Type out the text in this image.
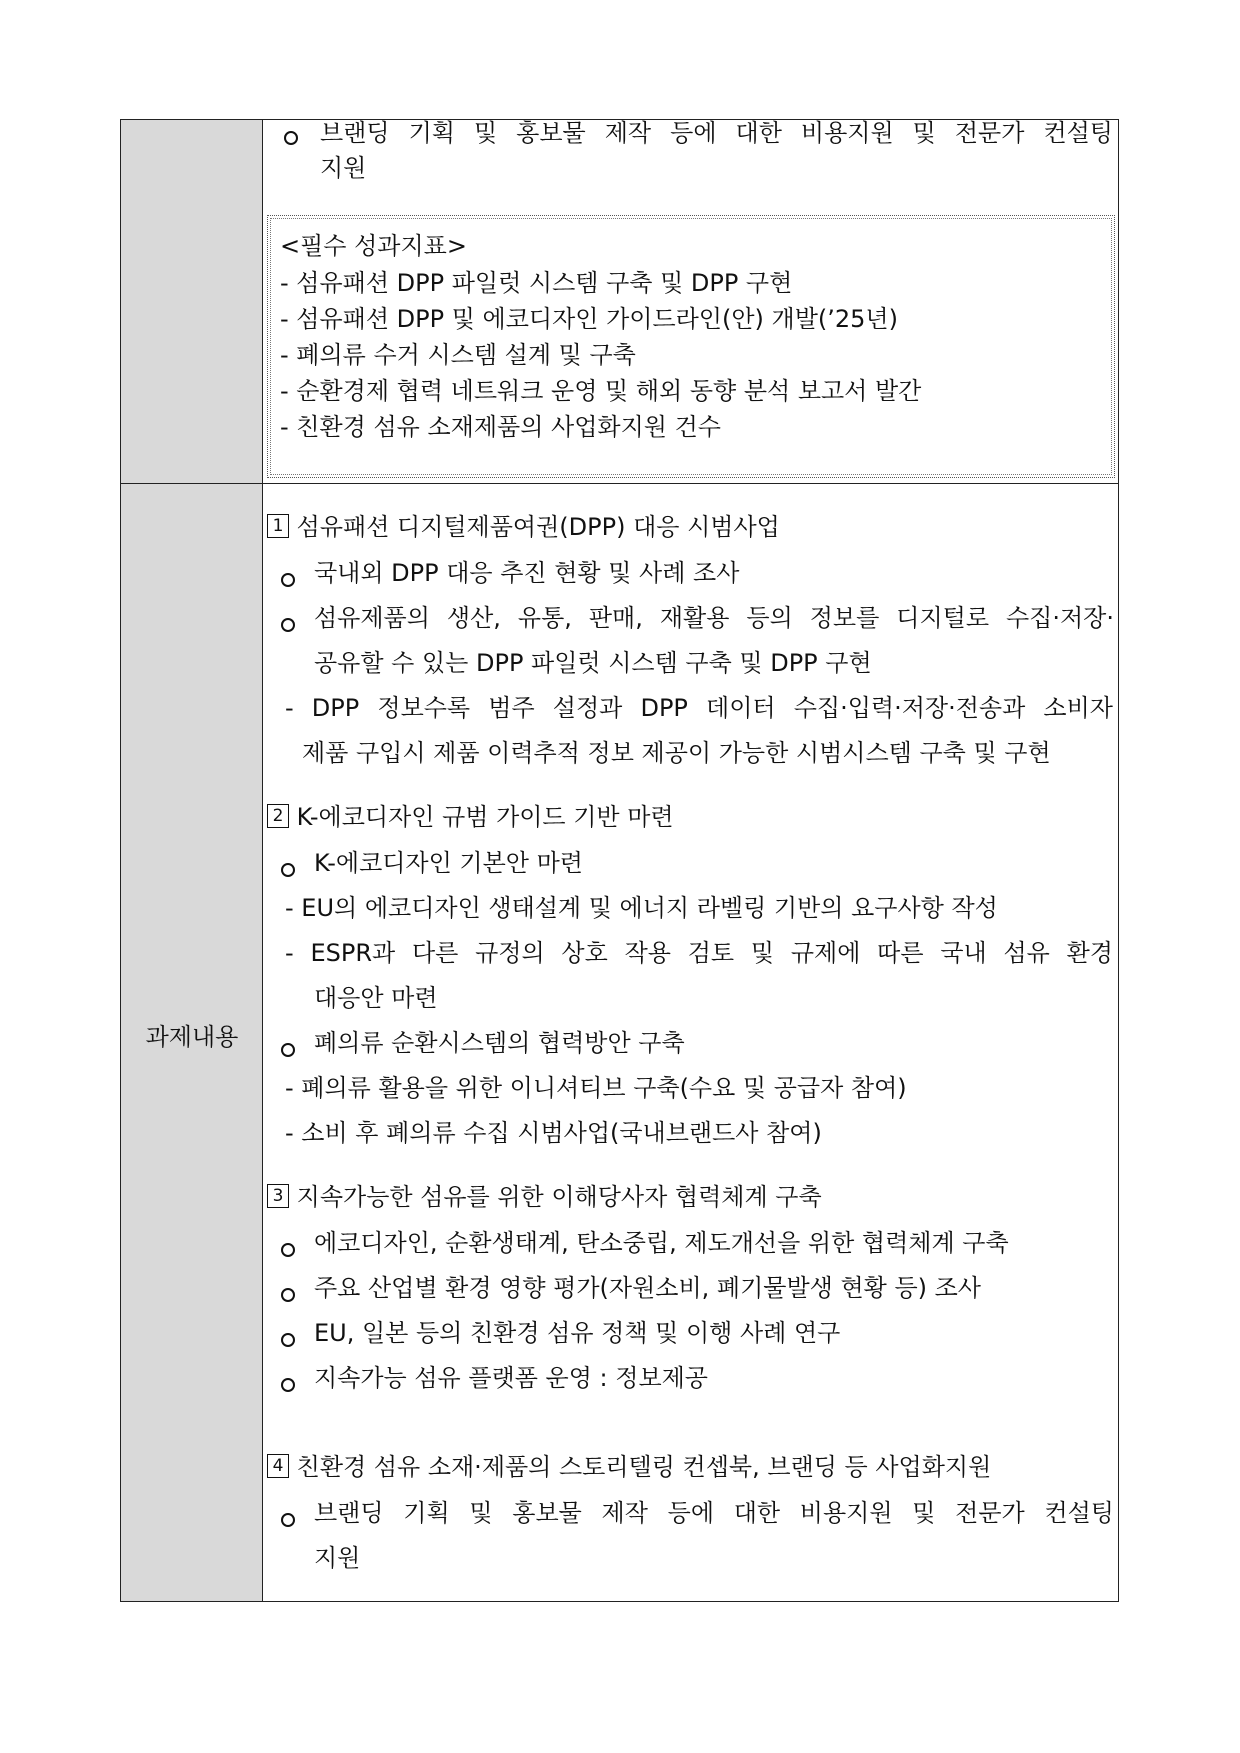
과제내용
브랜딩 기획 및 홍보물 제작 등에 대한 비용지원 및 전문가 컨설팅
지원
<필수 성과지표>
- 섬유패션 DPP 파일럿 시스템 구축 및 DPP 구현
- 섬유패션 DPP 및 에코디자인 가이드라인(안) 개발(’25년)
- 폐의류 수거 시스템 설계 및 구축
- 순환경제 협력 네트워크 운영 및 해외 동향 분석 보고서 발간
- 친환경 섬유 소재제품의 사업화지원 건수
1 섬유패션 디지털제품여권(DPP) 대응 시범사업
국내외 DPP 대응 추진 현황 및 사례 조사
섬유제품의 생산, 유통, 판매, 재활용 등의 정보를 디지털로 수집·저장·
공유할 수 있는 DPP 파일럿 시스템 구축 및 DPP 구현
- DPP 정보수록 범주 설정과 DPP 데이터 수집·입력·저장·전송과 소비자
제품 구입시 제품 이력추적 정보 제공이 가능한 시범시스템 구축 및 구현
2 K-에코디자인 규범 가이드 기반 마련
K-에코디자인 기본안 마련
- EU의 에코디자인 생태설계 및 에너지 라벨링 기반의 요구사항 작성
- ESPR과 다른 규정의 상호 작용 검토 및 규제에 따른 국내 섬유 환경
대응안 마련
폐의류 순환시스템의 협력방안 구축
- 폐의류 활용을 위한 이니셔티브 구축(수요 및 공급자 참여)
- 소비 후 폐의류 수집 시범사업(국내브랜드사 참여)
3 지속가능한 섬유를 위한 이해당사자 협력체계 구축
에코디자인, 순환생태계, 탄소중립, 제도개선을 위한 협력체계 구축
주요 산업별 환경 영향 평가(자원소비, 폐기물발생 현황 등) 조사
EU, 일본 등의 친환경 섬유 정책 및 이행 사례 연구
지속가능 섬유 플랫폼 운영 : 정보제공
4 친환경 섬유 소재·제품의 스토리텔링 컨셉북, 브랜딩 등 사업화지원
브랜딩 기획 및 홍보물 제작 등에 대한 비용지원 및 전문가 컨설팅
지원
